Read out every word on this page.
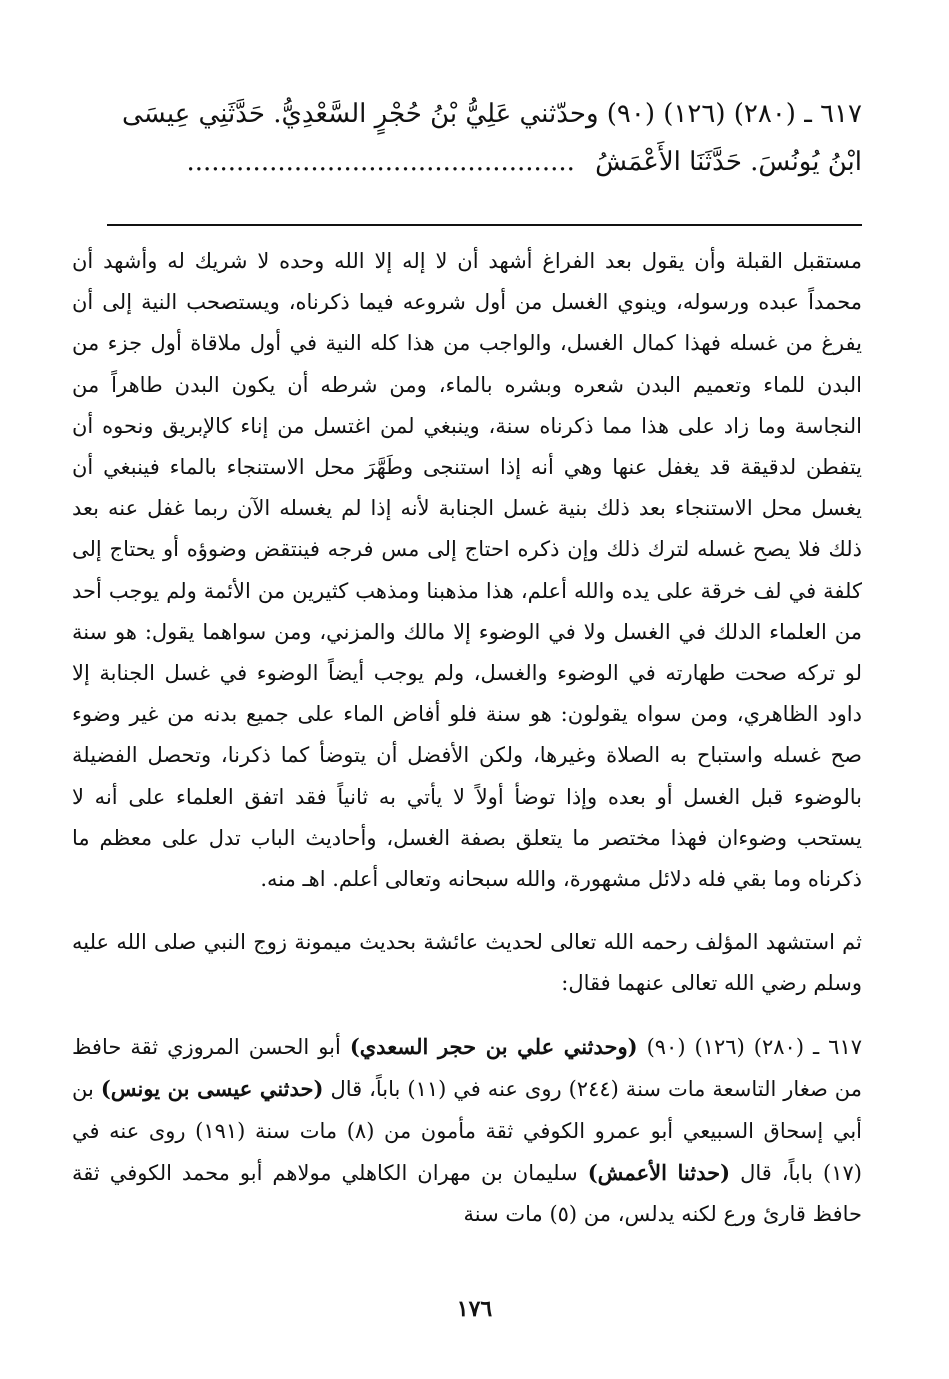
٦١٧ ـ (٢٨٠) (١٢٦) (٩٠) وحدّثني عَلِيُّ بْنُ حُجْرٍ السَّعْدِيُّ. حَدَّثَنِي عِيسَى
ابْنُ يُونُسَ. حَدَّثَنَا الأَعْمَشُ ...............................................

مستقبل القبلة وأن يقول بعد الفراغ أشهد أن لا إله إلا الله وحده لا شريك له وأشهد أن محمداً عبده ورسوله، وينوي الغسل من أول شروعه فيما ذكرناه، ويستصحب النية إلى أن يفرغ من غسله فهذا كمال الغسل، والواجب من هذا كله النية في أول ملاقاة أول جزء من البدن للماء وتعميم البدن شعره وبشره بالماء، ومن شرطه أن يكون البدن طاهراً من النجاسة وما زاد على هذا مما ذكرناه سنة، وينبغي لمن اغتسل من إناء كالإبريق ونحوه أن يتفطن لدقيقة قد يغفل عنها وهي أنه إذا استنجى وطَهَّرَ محل الاستنجاء بالماء فينبغي أن يغسل محل الاستنجاء بعد ذلك بنية غسل الجنابة لأنه إذا لم يغسله الآن ربما غفل عنه بعد ذلك فلا يصح غسله لترك ذلك وإن ذكره احتاج إلى مس فرجه فينتقض وضوؤه أو يحتاج إلى كلفة في لف خرقة على يده والله أعلم، هذا مذهبنا ومذهب كثيرين من الأئمة ولم يوجب أحد من العلماء الدلك في الغسل ولا في الوضوء إلا مالك والمزني، ومن سواهما يقول: هو سنة لو تركه صحت طهارته في الوضوء والغسل، ولم يوجب أيضاً الوضوء في غسل الجنابة إلا داود الظاهري، ومن سواه يقولون: هو سنة فلو أفاض الماء على جميع بدنه من غير وضوء صح غسله واستباح به الصلاة وغيرها، ولكن الأفضل أن يتوضأ كما ذكرنا، وتحصل الفضيلة بالوضوء قبل الغسل أو بعده وإذا توضأ أولاً لا يأتي به ثانياً فقد اتفق العلماء على أنه لا يستحب وضوءان فهذا مختصر ما يتعلق بصفة الغسل، وأحاديث الباب تدل على معظم ما ذكرناه وما بقي فله دلائل مشهورة، والله سبحانه وتعالى أعلم. اهـ منه.

ثم استشهد المؤلف رحمه الله تعالى لحديث عائشة بحديث ميمونة زوج النبي صلى الله عليه وسلم رضي الله تعالى عنهما فقال:

٦١٧ ـ (٢٨٠) (١٢٦) (٩٠) (وحدثني علي بن حجر السعدي) أبو الحسن المروزي ثقة حافظ من صغار التاسعة مات سنة (٢٤٤) روى عنه في (١١) باباً، قال (حدثني عيسى بن يونس) بن أبي إسحاق السبيعي أبو عمرو الكوفي ثقة مأمون من (٨) مات سنة (١٩١) روى عنه في (١٧) باباً، قال (حدثنا الأعمش) سليمان بن مهران الكاهلي مولاهم أبو محمد الكوفي ثقة حافظ قارئ ورع لكنه يدلس، من (٥) مات سنة

١٧٦
